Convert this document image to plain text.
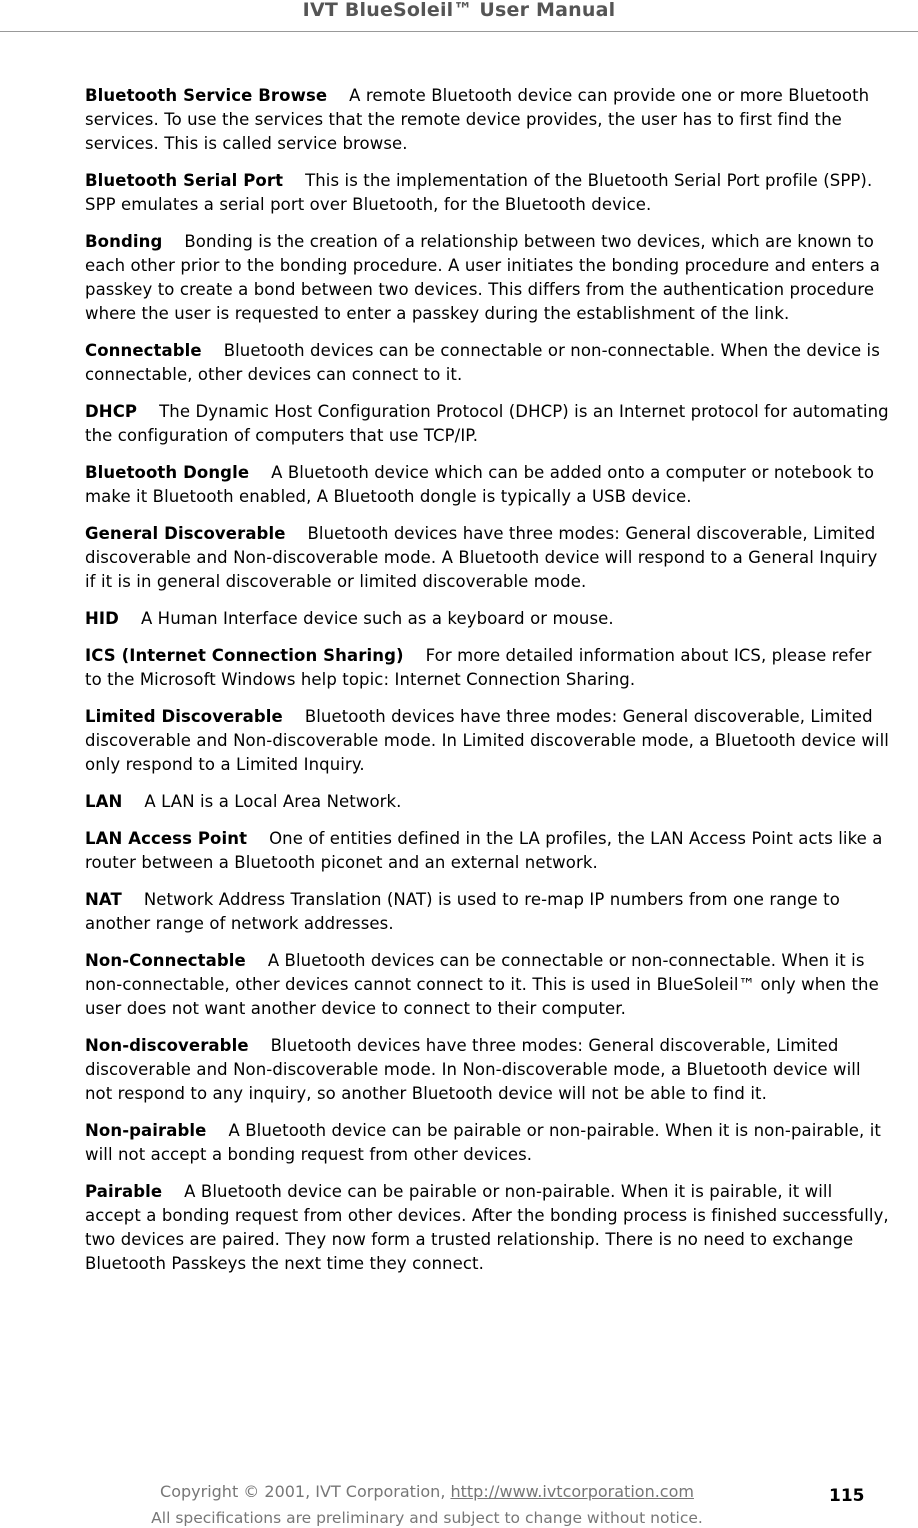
IVT BlueSoleil™ User Manual

Bluetooth Service Browse A remote Bluetooth device can provide one or more Bluetooth services. To use the services that the remote device provides, the user has to first find the services. This is called service browse.

Bluetooth Serial Port This is the implementation of the Bluetooth Serial Port profile (SPP). SPP emulates a serial port over Bluetooth, for the Bluetooth device.

Bonding Bonding is the creation of a relationship between two devices, which are known to each other prior to the bonding procedure. A user initiates the bonding procedure and enters a passkey to create a bond between two devices. This differs from the authentication procedure where the user is requested to enter a passkey during the establishment of the link.

Connectable Bluetooth devices can be connectable or non-connectable. When the device is connectable, other devices can connect to it.

DHCP The Dynamic Host Configuration Protocol (DHCP) is an Internet protocol for automating the configuration of computers that use TCP/IP.

Bluetooth Dongle A Bluetooth device which can be added onto a computer or notebook to make it Bluetooth enabled, A Bluetooth dongle is typically a USB device.

General Discoverable Bluetooth devices have three modes: General discoverable, Limited discoverable and Non-discoverable mode. A Bluetooth device will respond to a General Inquiry if it is in general discoverable or limited discoverable mode.

HID A Human Interface device such as a keyboard or mouse.

ICS (Internet Connection Sharing) For more detailed information about ICS, please refer to the Microsoft Windows help topic: Internet Connection Sharing.

Limited Discoverable Bluetooth devices have three modes: General discoverable, Limited discoverable and Non-discoverable mode. In Limited discoverable mode, a Bluetooth device will only respond to a Limited Inquiry.

LAN A LAN is a Local Area Network.

LAN Access Point One of entities defined in the LA profiles, the LAN Access Point acts like a router between a Bluetooth piconet and an external network.

NAT Network Address Translation (NAT) is used to re-map IP numbers from one range to another range of network addresses.

Non-Connectable A Bluetooth devices can be connectable or non-connectable. When it is non-connectable, other devices cannot connect to it. This is used in BlueSoleil™ only when the user does not want another device to connect to their computer.

Non-discoverable Bluetooth devices have three modes: General discoverable, Limited discoverable and Non-discoverable mode. In Non-discoverable mode, a Bluetooth device will not respond to any inquiry, so another Bluetooth device will not be able to find it.

Non-pairable A Bluetooth device can be pairable or non-pairable. When it is non-pairable, it will not accept a bonding request from other devices.

Pairable A Bluetooth device can be pairable or non-pairable. When it is pairable, it will accept a bonding request from other devices. After the bonding process is finished successfully, two devices are paired. They now form a trusted relationship. There is no need to exchange Bluetooth Passkeys the next time they connect.

Copyright © 2001, IVT Corporation, http://www.ivtcorporation.com
All specifications are preliminary and subject to change without notice.
115
